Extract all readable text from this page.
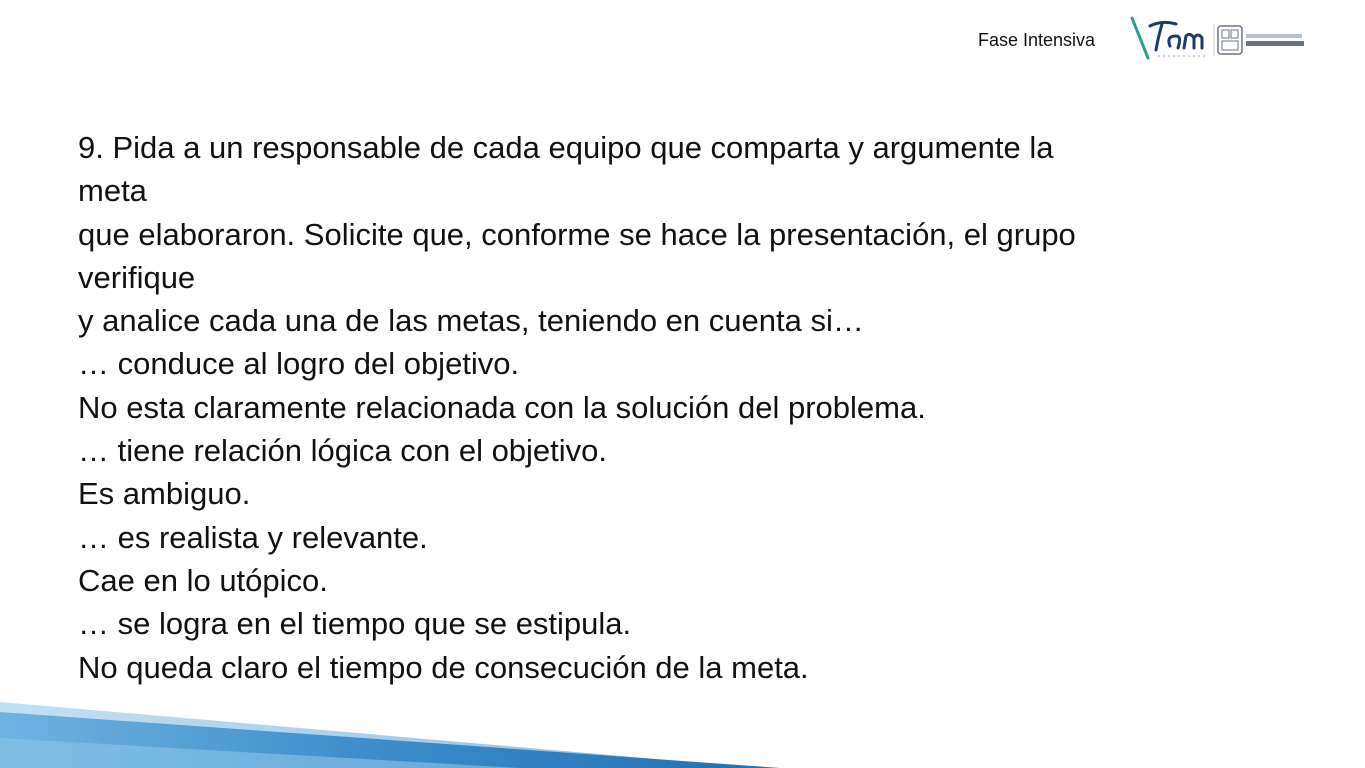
Fase Intensiva
9. Pida a un responsable de cada equipo que comparta y argumente la
meta
que elaboraron. Solicite que, conforme se hace la presentación, el grupo
verifique
y analice cada una de las metas, teniendo en cuenta si…
… conduce al logro del objetivo.
No esta claramente relacionada con la solución del problema.
… tiene relación lógica con el objetivo.
Es ambiguo.
… es realista y relevante.
Cae en lo utópico.
… se logra en el tiempo que se estipula.
No queda claro el tiempo de consecución de la meta.
